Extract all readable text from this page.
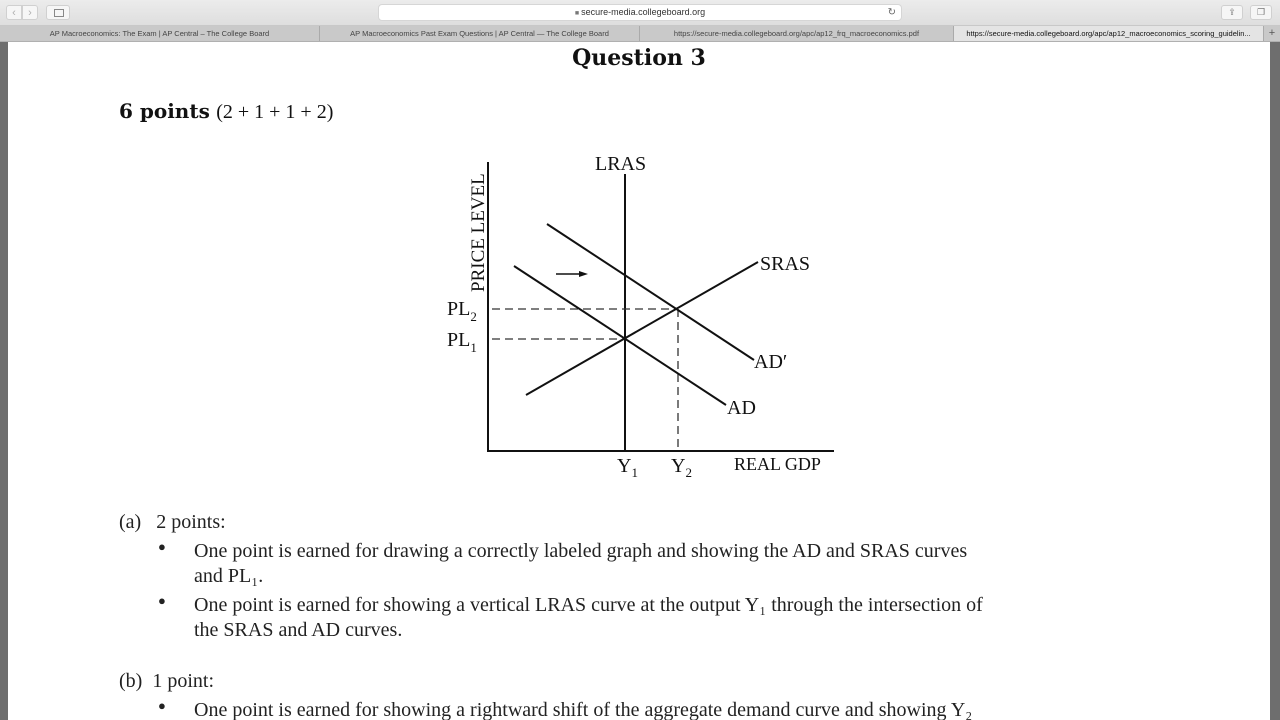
‹	›	■ secure-media.collegeboard.org	↻	⇪	❐
AP Macroeconomics: The Exam | AP Central – The College Board	AP Macroeconomics Past Exam Questions | AP Central — The College Board	https://secure-media.collegeboard.org/apc/ap12_frq_macroeconomics.pdf	https://secure-media.collegeboard.org/apc/ap12_macroeconomics_scoring_guidelin...	+
Question 3
6 points (2 + 1 + 1 + 2)
PRICE LEVEL
REAL GDP
LRAS
SRAS
AD
AD′
$PL_2$
$PL_1$
$Y_1$ $Y_2$
(a) 2 points:
● One point is earned for drawing a correctly labeled graph and showing the AD and SRAS curves
and PL₁.
● One point is earned for showing a vertical LRAS curve at the output Y₁ through the intersection of
the SRAS and AD curves.
(b) 1 point:
● One point is earned for showing a rightward shift of the aggregate demand curve and showing Y₂
